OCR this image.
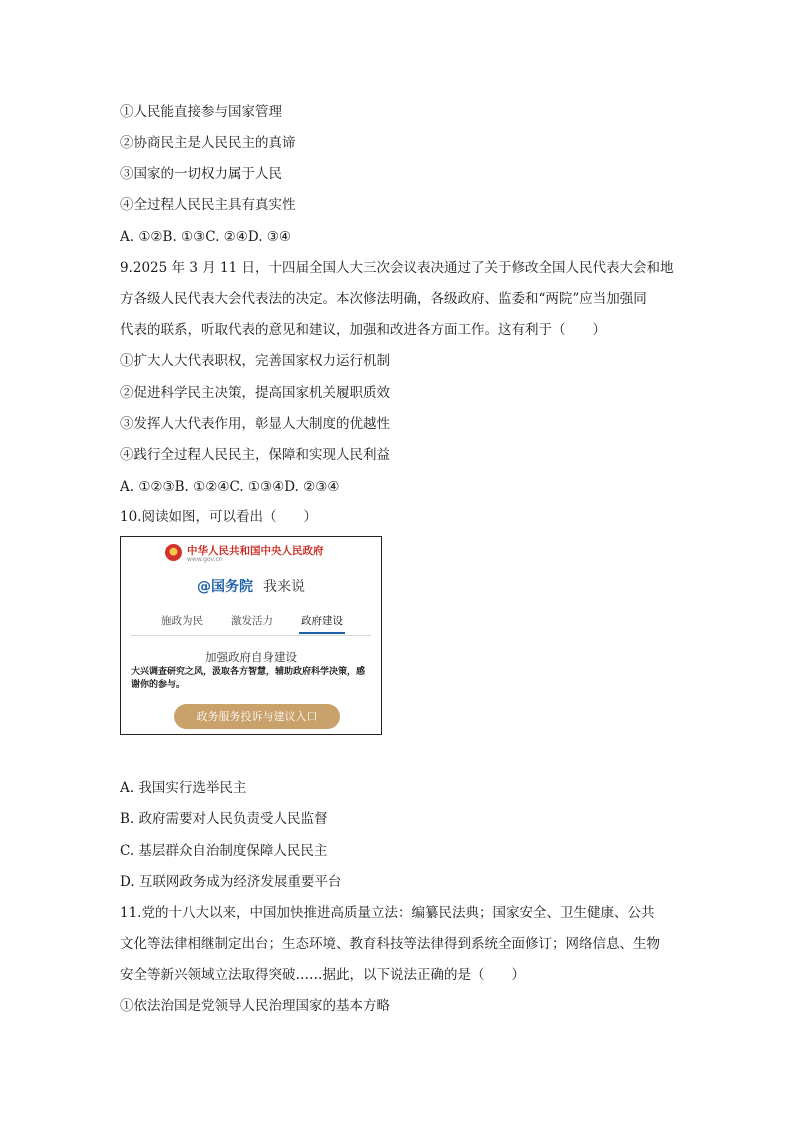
①人民能直接参与国家管理
②协商民主是人民民主的真谛
③国家的一切权力属于人民
④全过程人民民主具有真实性
A. ①②B. ①③C. ②④D. ③④
9.2025 年 3 月 11 日，十四届全国人大三次会议表决通过了关于修改全国人民代表大会和地
方各级人民代表大会代表法的决定。本次修法明确，各级政府、监委和“两院”应当加强同
代表的联系，听取代表的意见和建议，加强和改进各方面工作。这有利于（　　）
①扩大人大代表职权，完善国家权力运行机制
②促进科学民主决策，提高国家机关履职质效
③发挥人大代表作用，彰显人大制度的优越性
④践行全过程人民民主，保障和实现人民利益
A. ①②③B. ①②④C. ①③④D. ②③④
10.阅读如图，可以看出（　　）
中华人民共和国中央人民政府
www.gov.cn
@国务院 我来说
施政为民	激发活力	政府建设
加强政府自身建设
大兴调查研究之风，汲取各方智慧，辅助政府科学决策，感谢你的参与。
政务服务投诉与建议入口
A. 我国实行选举民主
B. 政府需要对人民负责受人民监督
C. 基层群众自治制度保障人民民主
D. 互联网政务成为经济发展重要平台
11.党的十八大以来，中国加快推进高质量立法：编纂民法典；国家安全、卫生健康、公共
文化等法律相继制定出台；生态环境、教育科技等法律得到系统全面修订；网络信息、生物
安全等新兴领域立法取得突破……据此，以下说法正确的是（　　）
①依法治国是党领导人民治理国家的基本方略
